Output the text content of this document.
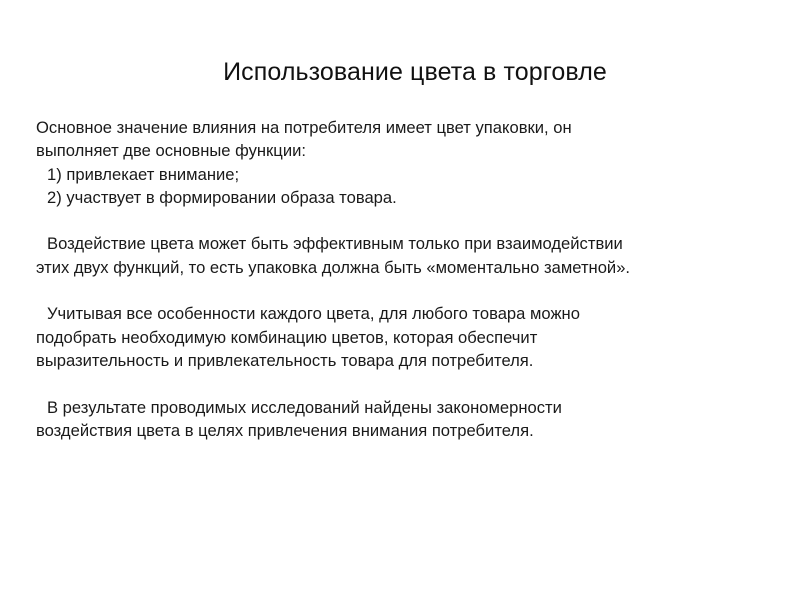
Использование цвета в торговле
Основное значение влияния на потребителя имеет цвет упаковки, он
выполняет две основные функции:
1) привлекает внимание;
2) участвует в формировании образа товара.
Воздействие цвета может быть эффективным только при взаимодействии
этих двух функций, то есть упаковка должна быть «моментально заметной».
Учитывая все особенности каждого цвета, для любого товара можно
подобрать необходимую комбинацию цветов, которая обеспечит
выразительность и привлекательность товара для потребителя.
В результате проводимых исследований найдены закономерности
воздействия цвета в целях привлечения внимания потребителя.
